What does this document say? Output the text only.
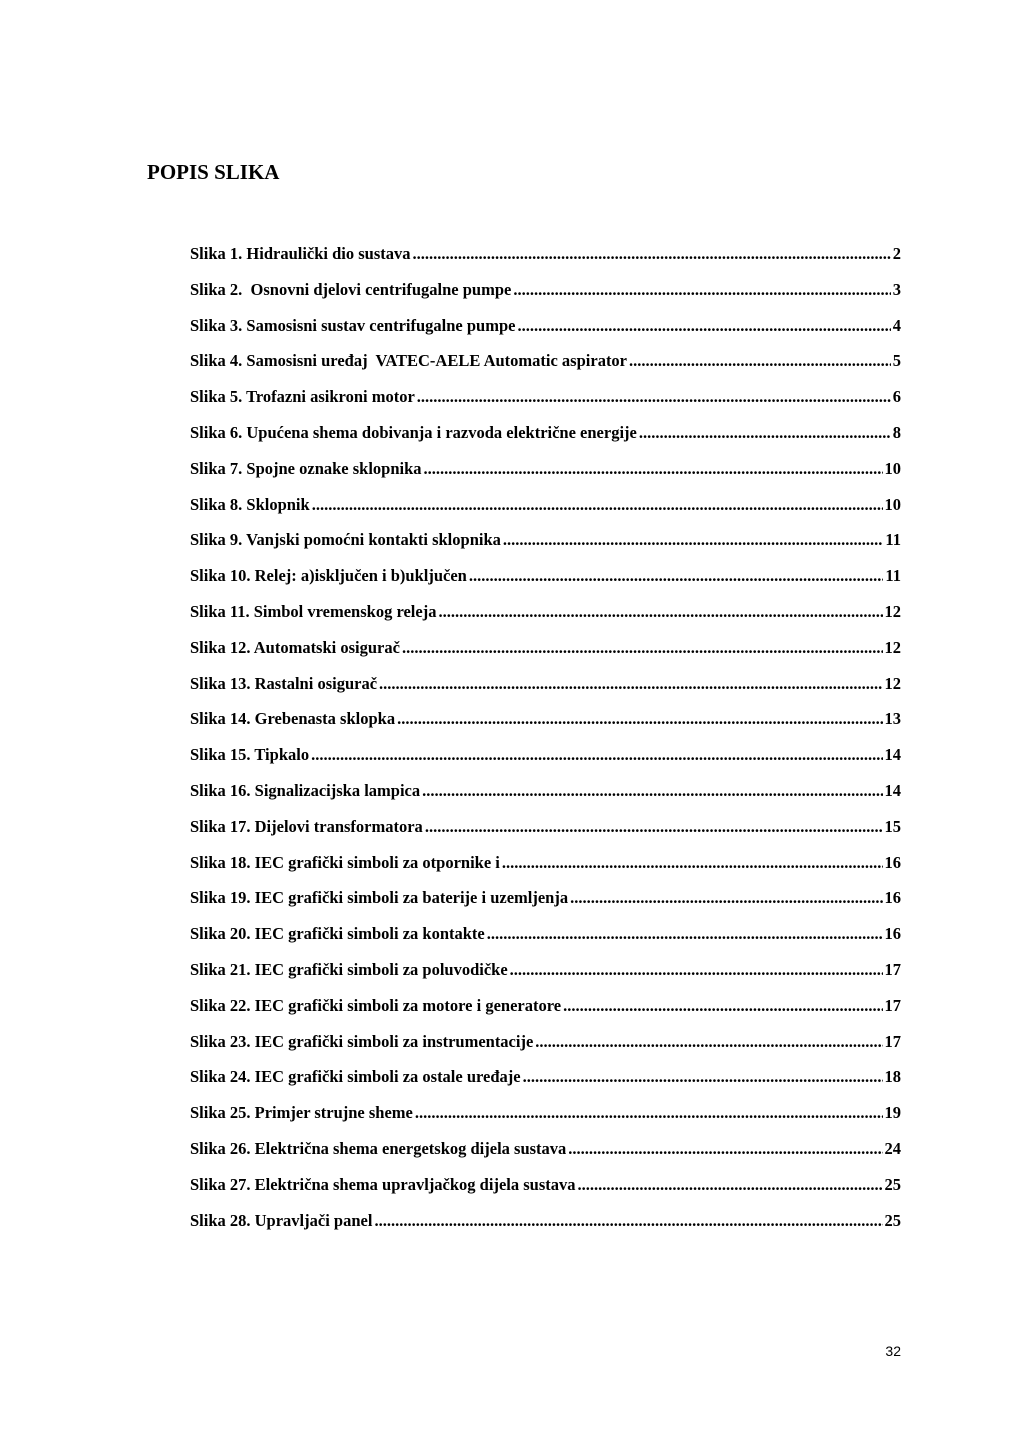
POPIS SLIKA
Slika 1. Hidraulički dio sustava .....	2
Slika 2.  Osnovni djelovi centrifugalne pumpe .....	3
Slika 3. Samosisni sustav centrifugalne pumpe .....	4
Slika 4. Samosisni uređaj  VATEC-AELE Automatic aspirator .....	5
Slika 5. Trofazni asikroni motor .....	6
Slika 6. Upućena shema dobivanja i razvoda električne energije .....	8
Slika 7. Spojne oznake sklopnika .....	10
Slika 8. Sklopnik .....	10
Slika 9. Vanjski pomoćni kontakti sklopnika .....	11
Slika 10. Relej: a)isključen i b)uključen .....	11
Slika 11. Simbol vremenskog releja .....	12
Slika 12. Automatski osigurač .....	12
Slika 13. Rastalni osigurač .....	12
Slika 14. Grebenasta sklopka .....	13
Slika 15. Tipkalo .....	14
Slika 16. Signalizacijska lampica .....	14
Slika 17. Dijelovi transformatora .....	15
Slika 18. IEC grafički simboli za otpornike i .....	16
Slika 19. IEC grafički simboli za baterije i uzemljenja .....	16
Slika 20. IEC grafički simboli za kontakte .....	16
Slika 21. IEC grafički simboli za poluvodičke .....	17
Slika 22. IEC grafički simboli za motore i generatore .....	17
Slika 23. IEC grafički simboli za instrumentacije .....	17
Slika 24. IEC grafički simboli za ostale uređaje .....	18
Slika 25. Primjer strujne sheme .....	19
Slika 26. Električna shema energetskog dijela sustava .....	24
Slika 27. Električna shema upravljačkog dijela sustava .....	25
Slika 28. Upravljači panel .....	25
32
